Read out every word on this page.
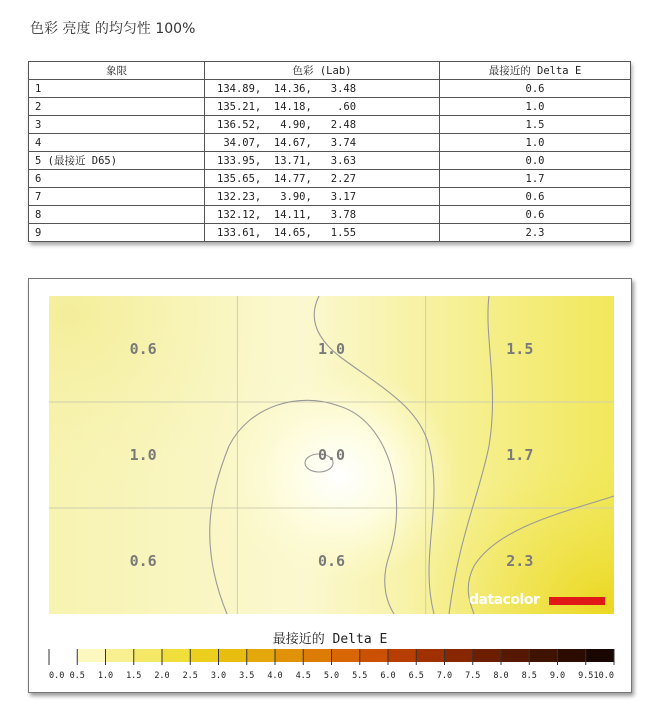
色彩 亮度 的均匀性 100%
象限	色彩 (Lab)	最接近的 Delta E
1	134.89,  14.36,   3.48	0.6
2	135.21,  14.18,    .60	1.0
3	136.52,   4.90,   2.48	1.5
4	34.07,  14.67,   3.74	1.0
5 (最接近 D65)	133.95,  13.71,   3.63	0.0
6	135.65,  14.77,   2.27	1.7
7	132.23,   3.90,   3.17	0.6
8	132.12,  14.11,   3.78	0.6
9	133.61,  14.65,   1.55	2.3
0.6	1.0	1.5
1.0	0.0	1.7
0.6	0.6	2.3
datacolor
0.0 0.5 1.0 1.5 2.0 2.5 3.0 3.5 4.0 4.5 5.0 5.5 6.0 6.5 7.0 7.5 8.0 8.5 9.0 9.5 10.0
最接近的 Delta E
